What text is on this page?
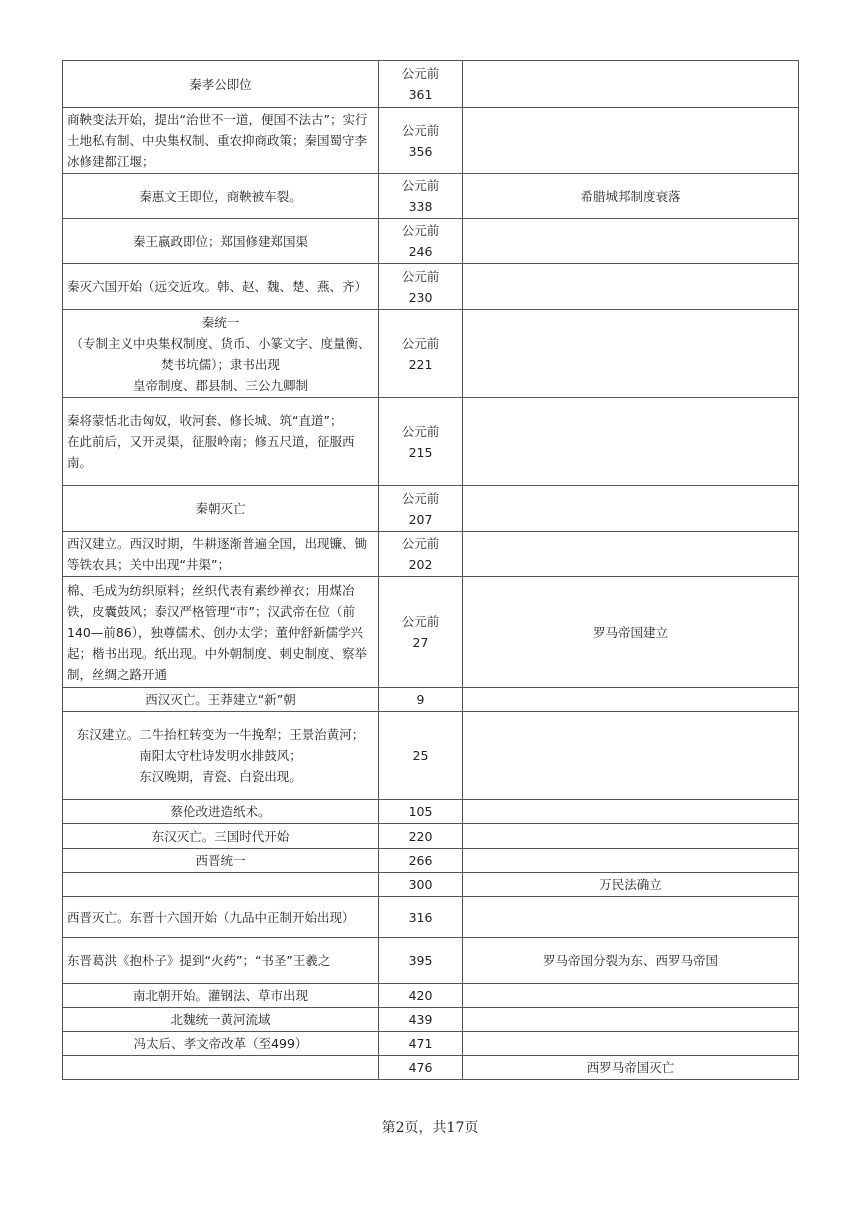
秦孝公即位	公元前
361	

商鞅变法开始，提出“治世不一道，便国不法古”；实行土地私有制、中央集权制、重农抑商政策；秦国蜀守李冰修建都江堰；	公元前
356	

秦惠文王即位，商鞅被车裂。	公元前
338	希腊城邦制度衰落

秦王嬴政即位；郑国修建郑国渠	公元前
246	

秦灭六国开始（远交近攻。韩、赵、魏、楚、燕、齐）	公元前
230	

秦统一
（专制主义中央集权制度、货币、小篆文字、度量衡、焚书坑儒）；隶书出现
皇帝制度、郡县制、三公九卿制	公元前
221	

秦将蒙恬北击匈奴，收河套、修长城、筑“直道”；
在此前后，又开灵渠，征服岭南；修五尺道，征服西南。	公元前
215	

秦朝灭亡	公元前
207	

西汉建立。西汉时期，牛耕逐渐普遍全国，出现镰、锄等铁农具；关中出现“井渠”；	公元前
202	

棉、毛成为纺织原料；丝织代表有素纱禅衣；用煤冶铁，皮囊鼓风；泰汉严格管理“市”；汉武帝在位（前140—前86），独尊儒术、创办太学；董仲舒新儒学兴起；楷书出现。纸出现。中外朝制度、刺史制度、察举制，丝绸之路开通	公元前
27	罗马帝国建立

西汉灭亡。王莽建立“新”朝	9	

东汉建立。二牛抬杠转变为一牛挽犁；王景治黄河；
南阳太守杜诗发明水排鼓风；
东汉晚期，青瓷、白瓷出现。	25	

蔡伦改进造纸术。	105	

东汉灭亡。三国时代开始	220	

西晋统一	266	

	300	万民法确立

西晋灭亡。东晋十六国开始（九品中正制开始出现）	316	

东晋葛洪《抱朴子》提到“火药”；“书圣”王羲之	395	罗马帝国分裂为东、西罗马帝国

南北朝开始。灌钢法、草市出现	420	

北魏统一黄河流域	439	

冯太后、孝文帝改革（至499）	471	

	476	西罗马帝国灭亡
第2页，共17页
